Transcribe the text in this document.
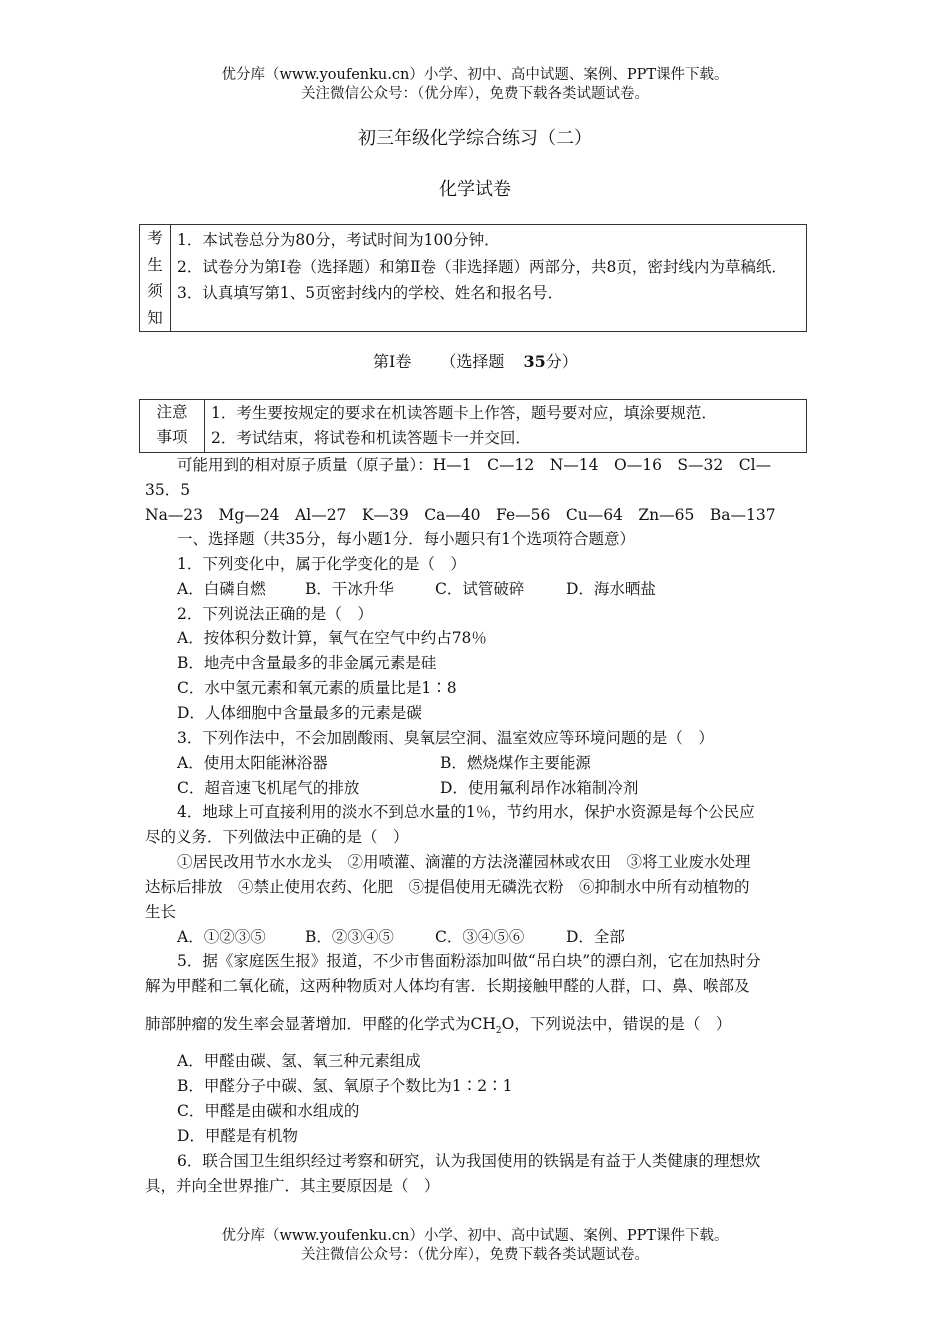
优分库（www.youfenku.cn）小学、初中、高中试题、案例、PPT课件下载。
关注微信公众号：（优分库），免费下载各类试题试卷。
初三年级化学综合练习（二）
化学试卷
考
生
须
知

1．本试卷总分为80分，考试时间为100分钟．
2．试卷分为第Ⅰ卷（选择题）和第Ⅱ卷（非选择题）两部分，共8页，密封线内为草稿纸．
3．认真填写第1、5页密封线内的学校、姓名和报名号．
第Ⅰ卷 （选择题 35分）
注意
事项

1．考生要按规定的要求在机读答题卡上作答，题号要对应，填涂要规范．
2．考试结束，将试卷和机读答题卡一并交回．
可能用到的相对原子质量（原子量）：H—1　C—12　N—14　O—16　S—32　Cl—
35．5
Na—23　Mg—24　Al—27　K—39　Ca—40　Fe—56　Cu—64　Zn—65　Ba—137
一、选择题（共35分，每小题1分．每小题只有1个选项符合题意）
1．下列变化中，属于化学变化的是（　）
A．白磷自燃	B．干冰升华	C．试管破碎	D．海水晒盐
2．下列说法正确的是（　）
A．按体积分数计算，氧气在空气中约占78％
B．地壳中含量最多的非金属元素是硅
C．水中氢元素和氧元素的质量比是1∶8
D．人体细胞中含量最多的元素是碳
3．下列作法中，不会加剧酸雨、臭氧层空洞、温室效应等环境问题的是（　）
A．使用太阳能淋浴器	B．燃烧煤作主要能源
C．超音速飞机尾气的排放	D．使用氟利昂作冰箱制冷剂
4．地球上可直接利用的淡水不到总水量的1％，节约用水，保护水资源是每个公民应
尽的义务．下列做法中正确的是（　）
①居民改用节水水龙头　②用喷灌、滴灌的方法浇灌园林或农田　③将工业废水处理
达标后排放　④禁止使用农药、化肥　⑤提倡使用无磷洗衣粉　⑥抑制水中所有动植物的
生长
A．①②③⑤	B．②③④⑤	C．③④⑤⑥	D．全部
5．据《家庭医生报》报道，不少市售面粉添加叫做“吊白块”的漂白剂，它在加热时分
解为甲醛和二氧化硫，这两种物质对人体均有害．长期接触甲醛的人群，口、鼻、喉部及
肺部肿瘤的发生率会显著增加．甲醛的化学式为$CH_2O$，下列说法中，错误的是（　）
A．甲醛由碳、氢、氧三种元素组成
B．甲醛分子中碳、氢、氧原子个数比为1∶2∶1
C．甲醛是由碳和水组成的
D．甲醛是有机物
6．联合国卫生组织经过考察和研究，认为我国使用的铁锅是有益于人类健康的理想炊
具，并向全世界推广．其主要原因是（　）
优分库（www.youfenku.cn）小学、初中、高中试题、案例、PPT课件下载。
关注微信公众号：（优分库），免费下载各类试题试卷。
